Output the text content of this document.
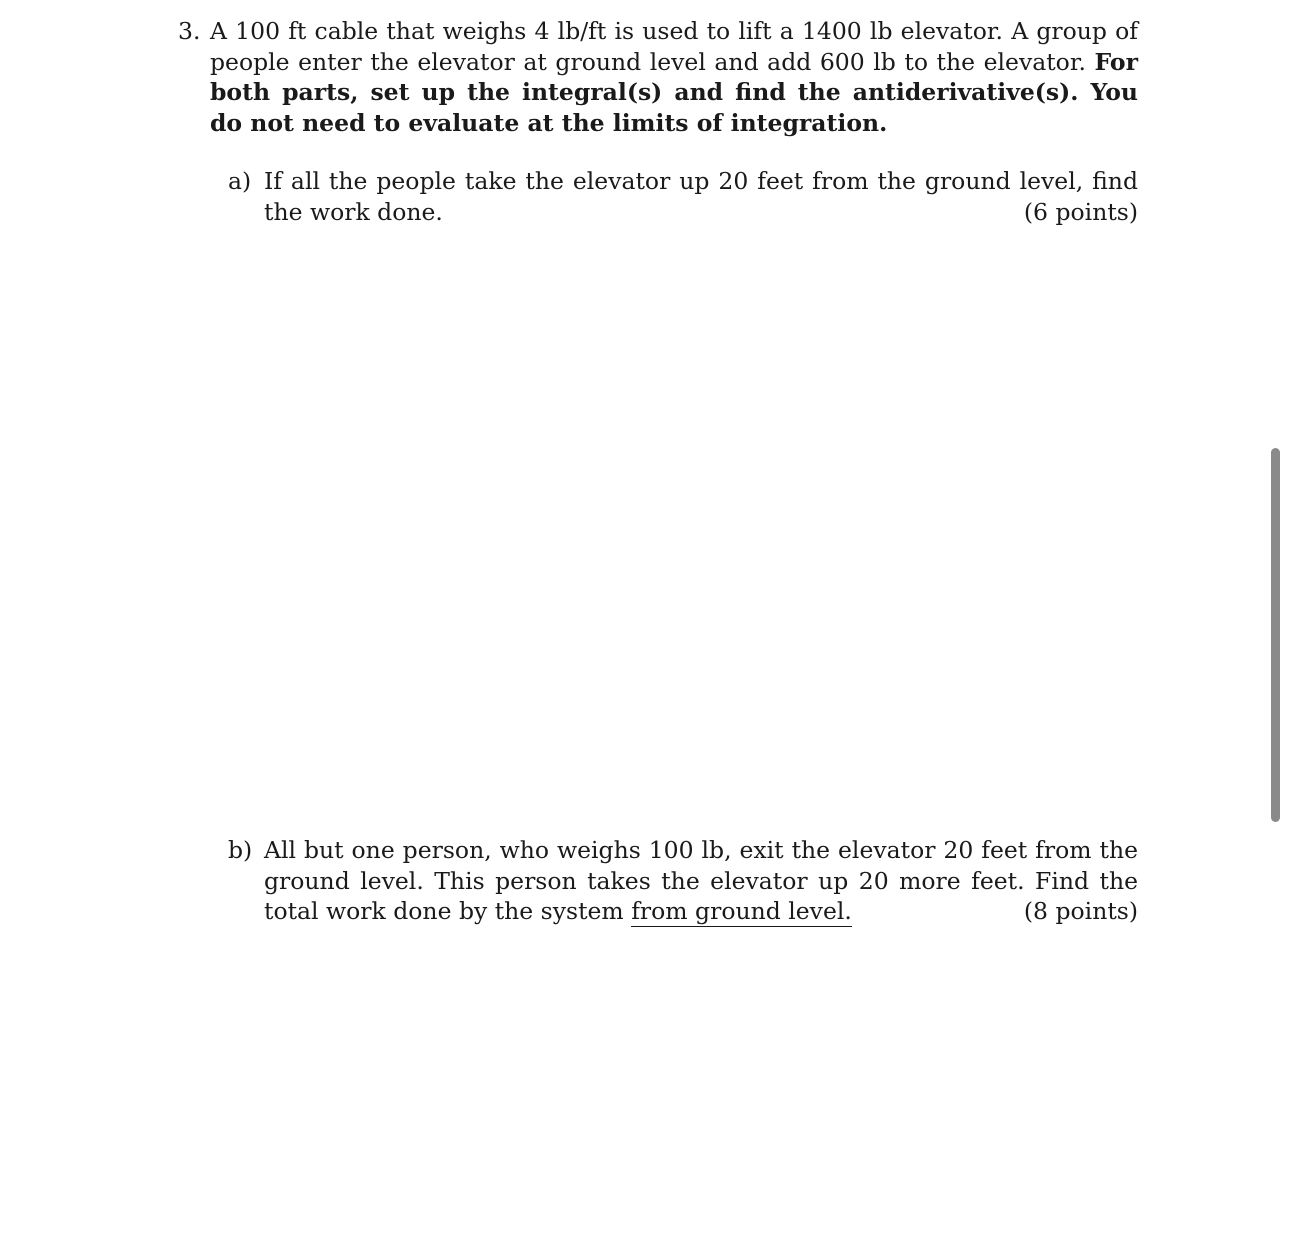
3. A 100 ft cable that weighs 4 lb/ft is used to lift a 1400 lb elevator. A group of people enter the elevator at ground level and add 600 lb to the elevator. For both parts, set up the integral(s) and find the antiderivative(s). You do not need to evaluate at the limits of integration.
a) If all the people take the elevator up 20 feet from the ground level, find the work done.	(6 points)
b) All but one person, who weighs 100 lb, exit the elevator 20 feet from the ground level. This person takes the elevator up 20 more feet. Find the total work done by the system from ground level.	(8 points)
